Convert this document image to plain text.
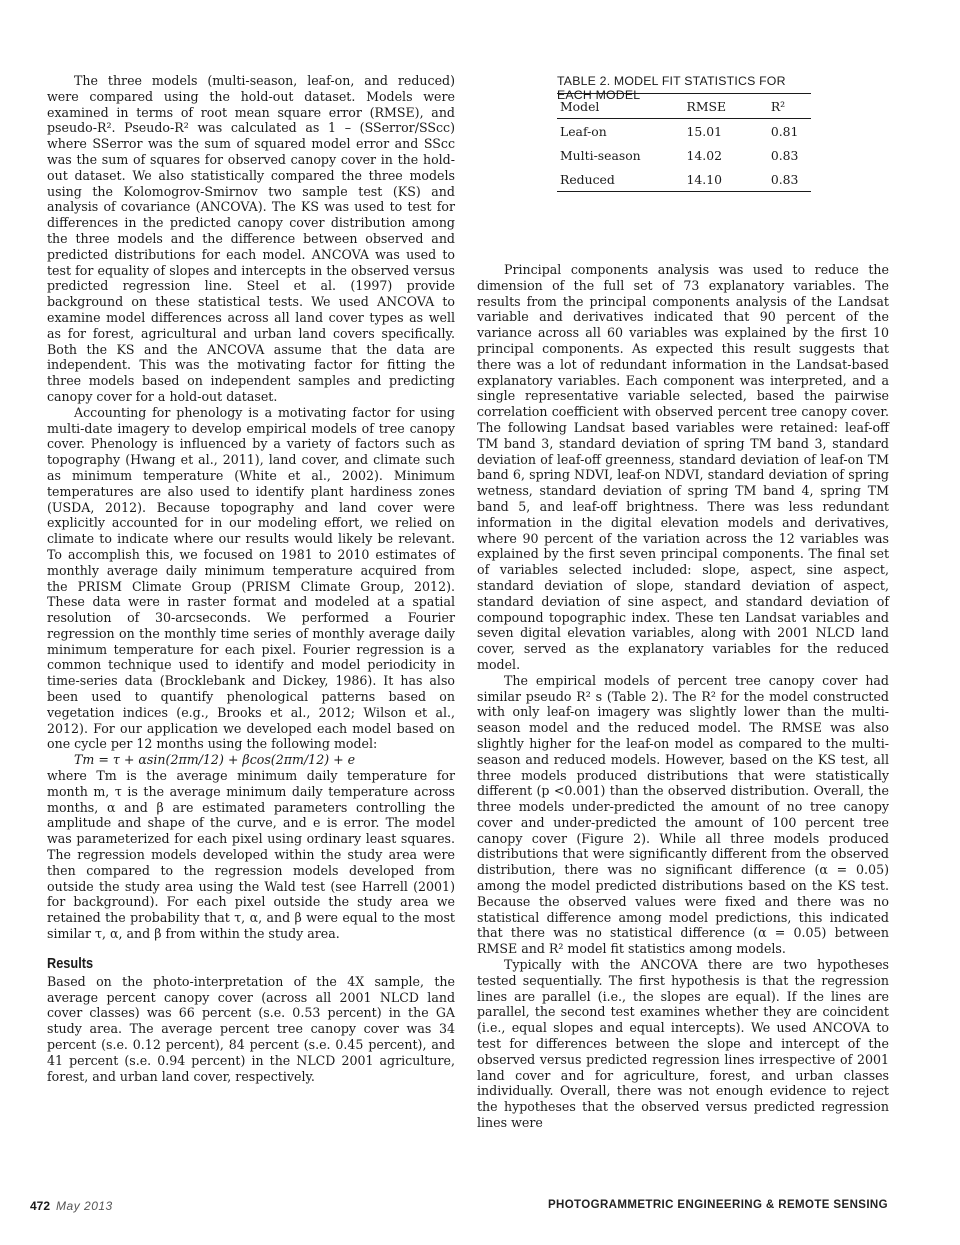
The three models (multi-season, leaf-on, and reduced) were compared using the hold-out dataset. Models were examined in terms of root mean square error (RMSE), and pseudo-R². Pseudo-R² was calculated as 1 – (SSerror/SScc) where SSerror was the sum of squared model error and SScc was the sum of squares for observed canopy cover in the hold-out dataset. We also statistically compared the three models using the Kolomogrov-Smirnov two sample test (KS) and analysis of covariance (ANCOVA). The KS was used to test for differences in the predicted canopy cover distribution among the three models and the difference between observed and predicted distributions for each model. ANCOVA was used to test for equality of slopes and intercepts in the observed versus predicted regression line. Steel et al. (1997) provide background on these statistical tests. We used ANCOVA to examine model differences across all land cover types as well as for forest, agricultural and urban land covers specifically. Both the KS and the ANCOVA assume that the data are independent. This was the motivating factor for fitting the three models based on independent samples and predicting canopy cover for a hold-out dataset.

Accounting for phenology is a motivating factor for using multi-date imagery to develop empirical models of tree canopy cover. Phenology is influenced by a variety of factors such as topography (Hwang et al., 2011), land cover, and climate such as minimum temperature (White et al., 2002). Minimum temperatures are also used to identify plant hardiness zones (USDA, 2012). Because topography and land cover were explicitly accounted for in our modeling effort, we relied on climate to indicate where our results would likely be relevant. To accomplish this, we focused on 1981 to 2010 estimates of monthly average daily minimum temperature acquired from the PRISM Climate Group (PRISM Climate Group, 2012). These data were in raster format and modeled at a spatial resolution of 30-arcseconds. We performed a Fourier regression on the monthly time series of monthly average daily minimum temperature for each pixel. Fourier regression is a common technique used to identify and model periodicity in time-series data (Brocklebank and Dickey, 1986). It has also been used to quantify phenological patterns based on vegetation indices (e.g., Brooks et al., 2012; Wilson et al., 2012). For our application we developed each model based on one cycle per 12 months using the following model:

Tm = τ + αsin(2πm/12) + βcos(2πm/12) + e

where Tm is the average minimum daily temperature for month m, τ is the average minimum daily temperature across months, α and β are estimated parameters controlling the amplitude and shape of the curve, and e is error. The model was parameterized for each pixel using ordinary least squares. The regression models developed within the study area were then compared to the regression models developed from outside the study area using the Wald test (see Harrell (2001) for background). For each pixel outside the study area we retained the probability that τ, α, and β were equal to the most similar τ, α, and β from within the study area.

Results

Based on the photo-interpretation of the 4X sample, the average percent canopy cover (across all 2001 NLCD land cover classes) was 66 percent (s.e. 0.53 percent) in the GA study area. The average percent tree canopy cover was 34 percent (s.e. 0.12 percent), 84 percent (s.e. 0.45 percent), and 41 percent (s.e. 0.94 percent) in the NLCD 2001 agriculture, forest, and urban land cover, respectively.

TABLE 2. MODEL FIT STATISTICS FOR EACH MODEL
Model	RMSE	R²
Leaf-on	15.01	0.81
Multi-season	14.02	0.83
Reduced	14.10	0.83

Principal components analysis was used to reduce the dimension of the full set of 73 explanatory variables. The results from the principal components analysis of the Landsat variable and derivatives indicated that 90 percent of the variance across all 60 variables was explained by the first 10 principal components. As expected this result suggests that there was a lot of redundant information in the Landsat-based explanatory variables. Each component was interpreted, and a single representative variable selected, based the pairwise correlation coefficient with observed percent tree canopy cover. The following Landsat based variables were retained: leaf-off TM band 3, standard deviation of spring TM band 3, standard deviation of leaf-off greenness, standard deviation of leaf-on TM band 6, spring NDVI, leaf-on NDVI, standard deviation of spring wetness, standard deviation of spring TM band 4, spring TM band 5, and leaf-off brightness. There was less redundant information in the digital elevation models and derivatives, where 90 percent of the variation across the 12 variables was explained by the first seven principal components. The final set of variables selected included: slope, aspect, sine aspect, standard deviation of slope, standard deviation of aspect, standard deviation of sine aspect, and standard deviation of compound topographic index. These ten Landsat variables and seven digital elevation variables, along with 2001 NLCD land cover, served as the explanatory variables for the reduced model.

The empirical models of percent tree canopy cover had similar pseudo R² s (Table 2). The R² for the model constructed with only leaf-on imagery was slightly lower than the multi-season model and the reduced model. The RMSE was also slightly higher for the leaf-on model as compared to the multi-season and reduced models. However, based on the KS test, all three models produced distributions that were statistically different (p <0.001) than the observed distribution. Overall, the three models under-predicted the amount of no tree canopy cover and under-predicted the amount of 100 percent tree canopy cover (Figure 2). While all three models produced distributions that were significantly different from the observed distribution, there was no significant difference (α = 0.05) among the model predicted distributions based on the KS test. Because the observed values were fixed and there was no statistical difference among model predictions, this indicated that there was no statistical difference (α = 0.05) between RMSE and R² model fit statistics among models.

Typically with the ANCOVA there are two hypotheses tested sequentially. The first hypothesis is that the regression lines are parallel (i.e., the slopes are equal). If the lines are parallel, the second test examines whether they are coincident (i.e., equal slopes and equal intercepts). We used ANCOVA to test for differences between the slope and intercept of the observed versus predicted regression lines irrespective of 2001 land cover and for agriculture, forest, and urban classes individually. Overall, there was not enough evidence to reject the hypotheses that the observed versus predicted regression lines were

472 May 2013	PHOTOGRAMMETRIC ENGINEERING & REMOTE SENSING
